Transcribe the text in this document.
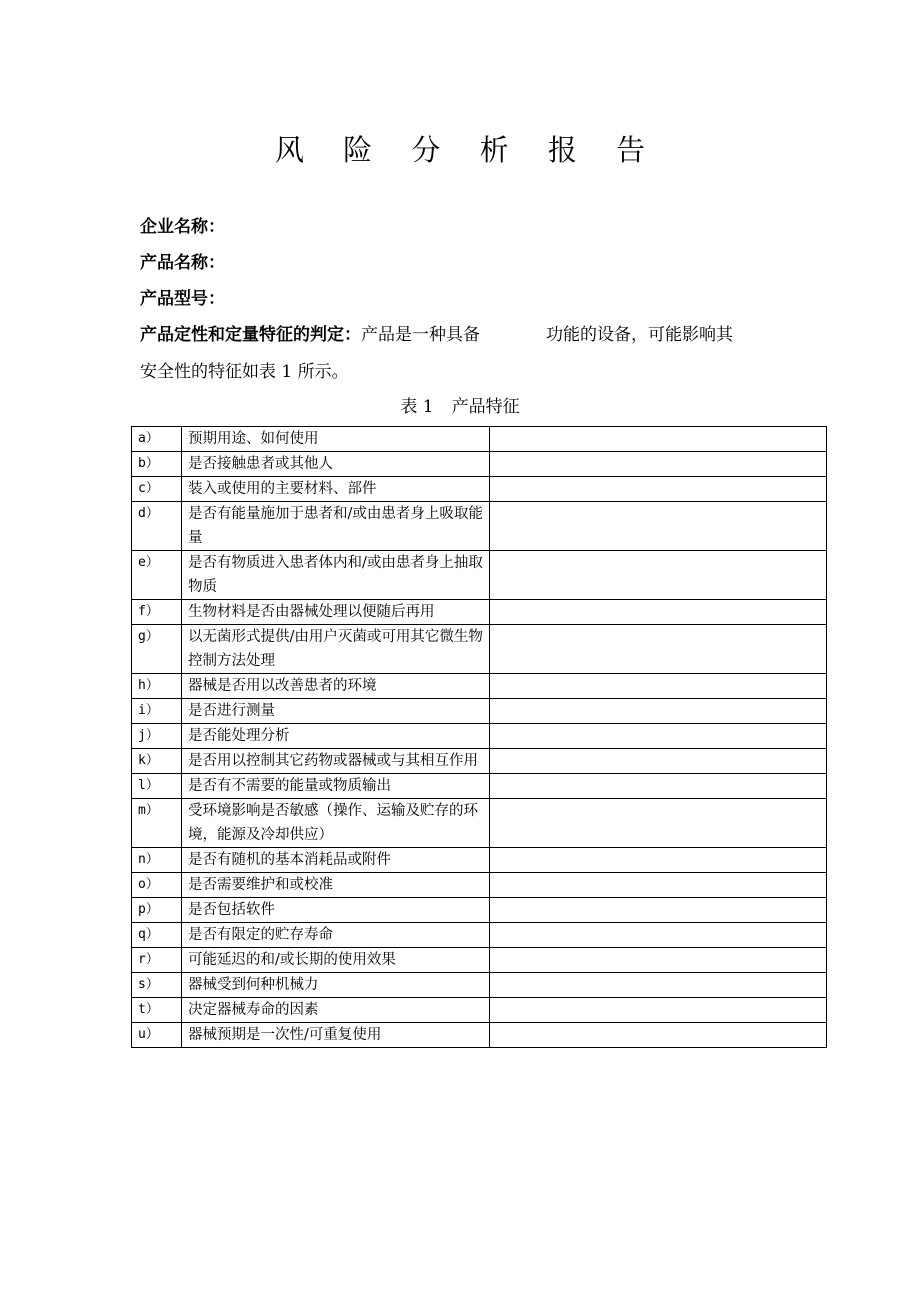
风 险 分 析 报 告
企业名称：
产品名称：
产品型号：
产品定性和定量特征的判定：产品是一种具备	功能的设备，可能影响其
安全性的特征如表 1 所示。
表 1 产品特征
a）	预期用途、如何使用	
b）	是否接触患者或其他人	
c）	装入或使用的主要材料、部件	
d）	是否有能量施加于患者和/或由患者身上吸取能量	
e）	是否有物质进入患者体内和/或由患者身上抽取物质	
f）	生物材料是否由器械处理以便随后再用	
g）	以无菌形式提供/由用户灭菌或可用其它微生物控制方法处理	
h）	器械是否用以改善患者的环境	
i）	是否进行测量	
j）	是否能处理分析	
k）	是否用以控制其它药物或器械或与其相互作用	
l）	是否有不需要的能量或物质输出	
m）	受环境影响是否敏感（操作、运输及贮存的环境，能源及冷却供应）	
n）	是否有随机的基本消耗品或附件	
o）	是否需要维护和或校准	
p）	是否包括软件	
q）	是否有限定的贮存寿命	
r）	可能延迟的和/或长期的使用效果	
s）	器械受到何种机械力	
t）	决定器械寿命的因素	
u）	器械预期是一次性/可重复使用	
